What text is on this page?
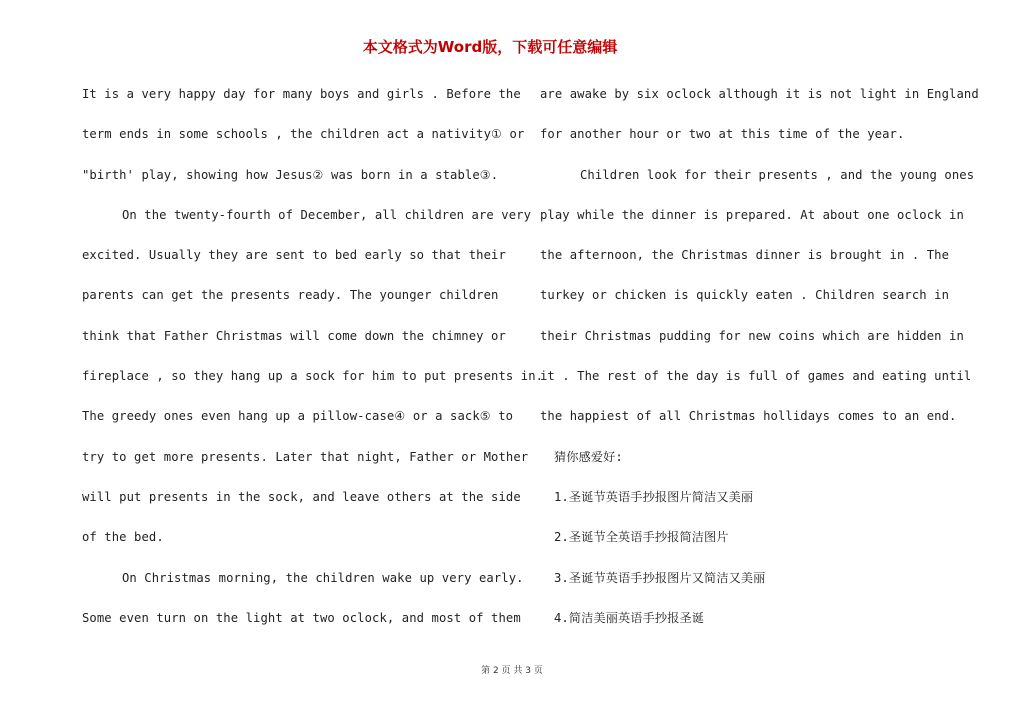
本文格式为Word版，下载可任意编辑
It is a very happy day for many boys and girls . Before the
term ends in some schools , the children act a nativity① or
"birth' play, showing how Jesus② was born in a stable③.
On the twenty-fourth of December, all children are very
excited. Usually they are sent to bed early so that their
parents can get the presents ready. The younger children
think that Father Christmas will come down the chimney or
fireplace , so they hang up a sock for him to put presents in.
The greedy ones even hang up a pillow-case④ or a sack⑤ to
try to get more presents. Later that night, Father or Mother
will put presents in the sock, and leave others at the side
of the bed.
On Christmas morning, the children wake up very early.
Some even turn on the light at two oclock, and most of them
are awake by six oclock although it is not light in England
for another hour or two at this time of the year.
Children look for their presents , and the young ones
play while the dinner is prepared. At about one oclock in
the afternoon, the Christmas dinner is brought in . The
turkey or chicken is quickly eaten . Children search in
their Christmas pudding for new coins which are hidden in
it . The rest of the day is full of games and eating until
the happiest of all Christmas hollidays comes to an end.
猜你感爱好:
1.圣诞节英语手抄报图片简洁又美丽
2.圣诞节全英语手抄报简洁图片
3.圣诞节英语手抄报图片又简洁又美丽
4.简洁美丽英语手抄报圣诞
第 2 页 共 3 页
